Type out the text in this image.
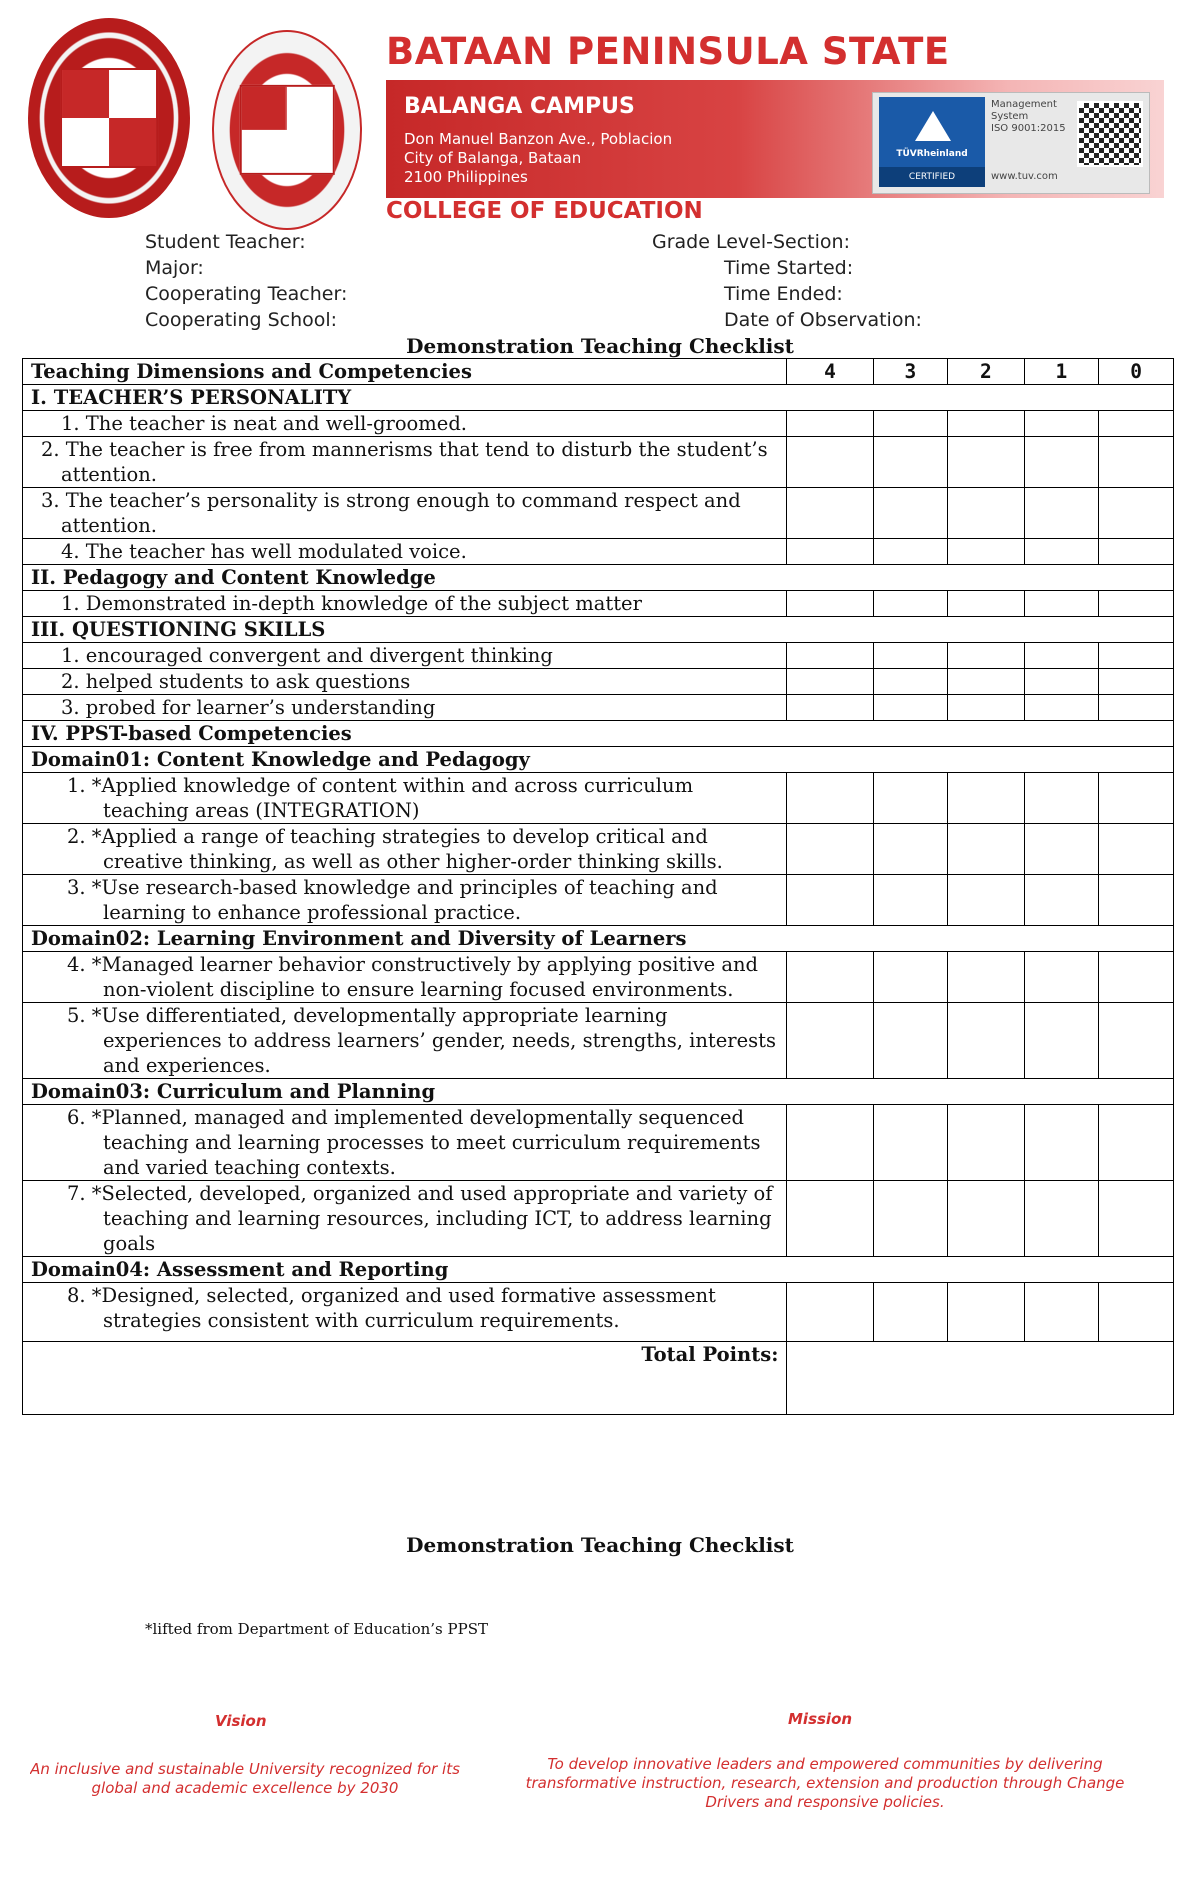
BATAAN PENINSULA STATE
BALANGA CAMPUS
Don Manuel Banzon Ave., Poblacion
City of Balanga, Bataan
2100 Philippines
TÜVRheinland
CERTIFIED
Management
System
ISO 9001:2015
www.tuv.com
COLLEGE OF EDUCATION
Student Teacher:
Major:
Cooperating Teacher:
Cooperating School:
Grade Level-Section:
Time Started:
Time Ended:
Date of Observation:
Demonstration Teaching Checklist
Teaching Dimensions and Competencies	4	3	2	1	0
I. TEACHER’S PERSONALITY					
1. The teacher is neat and well-groomed.					
2. The teacher is free from mannerisms that tend to disturb the student’s attention.					
3. The teacher’s personality is strong enough to command respect and attention.					
4. The teacher has well modulated voice.					
II. Pedagogy and Content Knowledge					
1. Demonstrated in-depth knowledge of the subject matter					
III. QUESTIONING SKILLS					
1. encouraged convergent and divergent thinking					
2. helped students to ask questions					
3. probed for learner’s understanding					
IV. PPST-based Competencies					
Domain01: Content Knowledge and Pedagogy					
1. *Applied knowledge of content within and across curriculum teaching areas (INTEGRATION)					
2. *Applied a range of teaching strategies to develop critical and creative thinking, as well as other higher-order thinking skills.					
3. *Use research-based knowledge and principles of teaching and learning to enhance professional practice.					
Domain02: Learning Environment and Diversity of Learners					
4. *Managed learner behavior constructively by applying positive and non-violent discipline to ensure learning focused environments.					
5. *Use differentiated, developmentally appropriate learning experiences to address learners’ gender, needs, strengths, interests and experiences.					
Domain03: Curriculum and Planning					
6. *Planned, managed and implemented developmentally sequenced teaching and learning processes to meet curriculum requirements and varied teaching contexts.					
7. *Selected, developed, organized and used appropriate and variety of teaching and learning resources, including ICT, to address learning goals					
Domain04: Assessment and Reporting					
8. *Designed, selected, organized and used formative assessment strategies consistent with curriculum requirements.					
Total Points:					
Demonstration Teaching Checklist
*lifted from Department of Education’s PPST
Vision
An inclusive and sustainable University recognized for its global and academic excellence by 2030
Mission
To develop innovative leaders and empowered communities by delivering transformative instruction, research, extension and production through Change Drivers and responsive policies.
